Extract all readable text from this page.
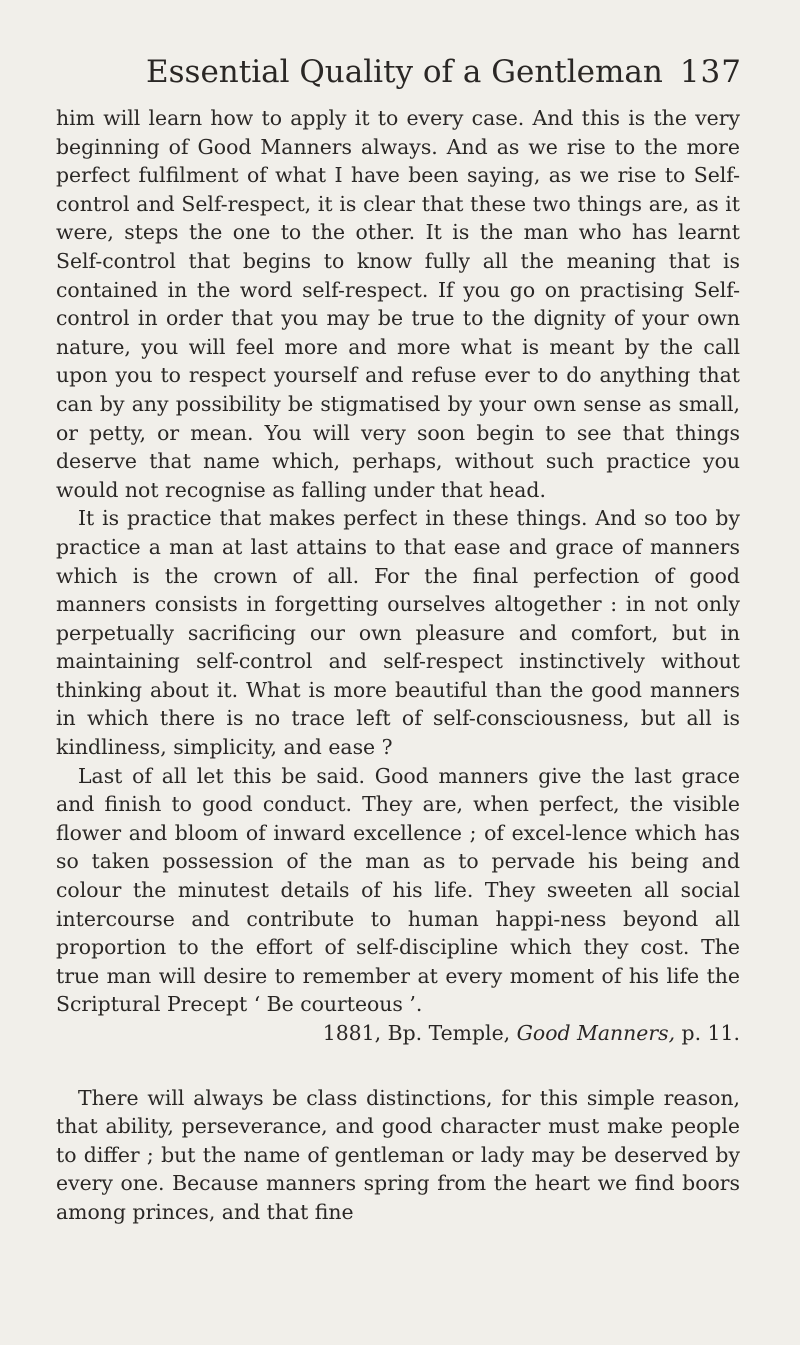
Essential Quality of a Gentleman 137

him will learn how to apply it to every case. And this is the very beginning of Good Manners always. And as we rise to the more perfect fulfilment of what I have been saying, as we rise to Self-control and Self-respect, it is clear that these two things are, as it were, steps the one to the other. It is the man who has learnt Self-control that begins to know fully all the meaning that is contained in the word self-respect. If you go on practising Self-control in order that you may be true to the dignity of your own nature, you will feel more and more what is meant by the call upon you to respect yourself and refuse ever to do anything that can by any possibility be stigmatised by your own sense as small, or petty, or mean. You will very soon begin to see that things deserve that name which, perhaps, without such practice you would not recognise as falling under that head.

It is practice that makes perfect in these things. And so too by practice a man at last attains to that ease and grace of manners which is the crown of all. For the final perfection of good manners consists in forgetting ourselves altogether : in not only perpetually sacrificing our own pleasure and comfort, but in maintaining self-control and self-respect instinctively without thinking about it. What is more beautiful than the good manners in which there is no trace left of self-consciousness, but all is kindliness, simplicity, and ease ?

Last of all let this be said. Good manners give the last grace and finish to good conduct. They are, when perfect, the visible flower and bloom of inward excellence ; of excel-lence which has so taken possession of the man as to pervade his being and colour the minutest details of his life. They sweeten all social intercourse and contribute to human happi-ness beyond all proportion to the effort of self-discipline which they cost. The true man will desire to remember at every moment of his life the Scriptural Precept ‘ Be courteous ’.

1881, Bp. Temple, Good Manners, p. 11.

There will always be class distinctions, for this simple reason, that ability, perseverance, and good character must make people to differ ; but the name of gentleman or lady may be deserved by every one. Because manners spring from the heart we find boors among princes, and that fine
